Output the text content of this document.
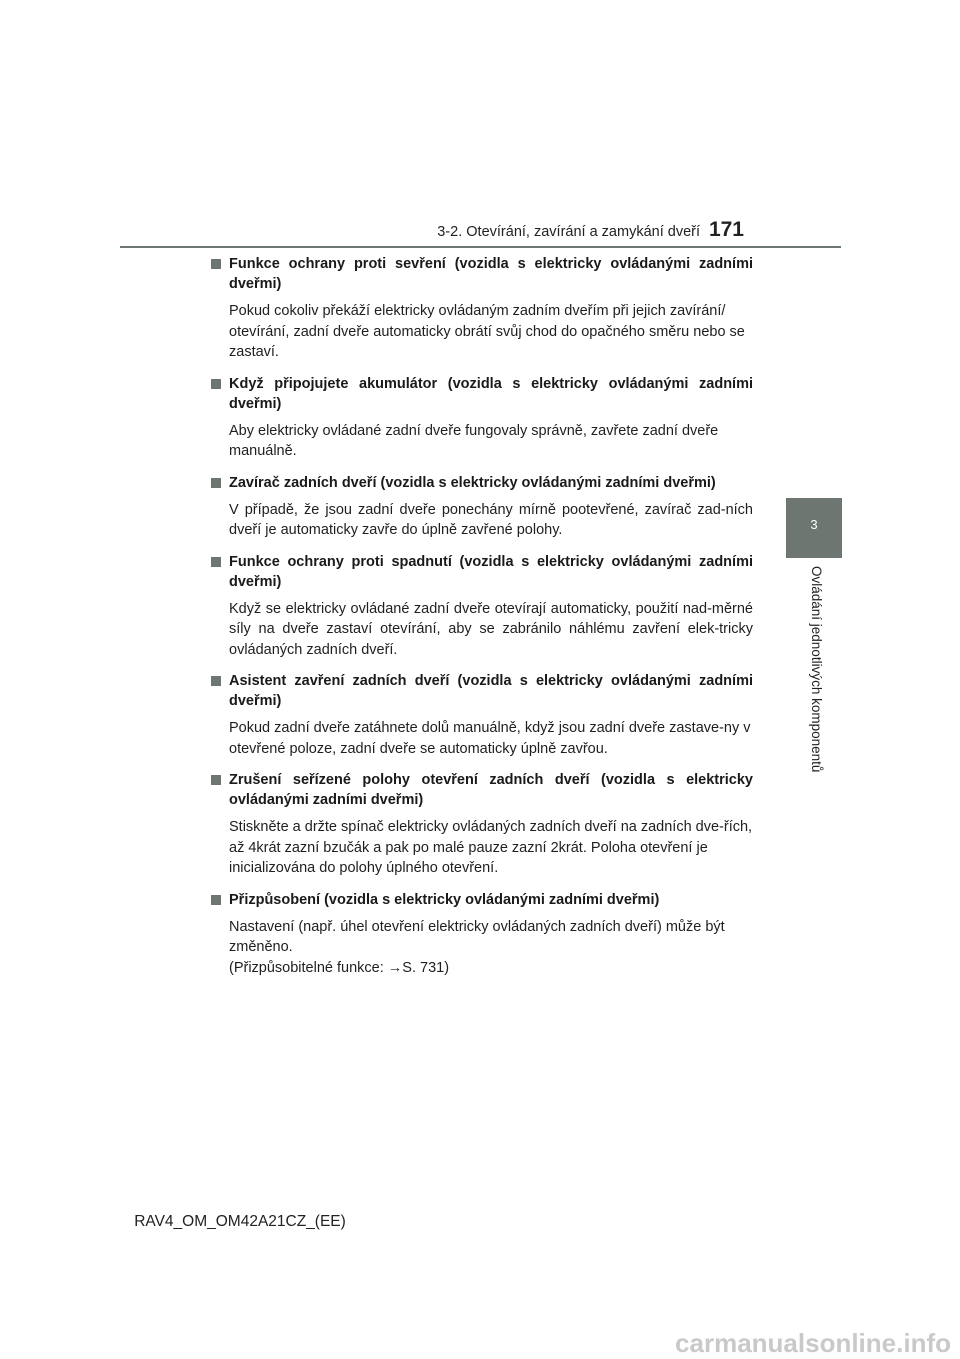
3-2. Otevírání, zavírání a zamykání dveří 171
3
Ovládání jednotlivých komponentů
Funkce ochrany proti sevření (vozidla s elektricky ovládanými zadními dveřmi)
Pokud cokoliv překáží elektricky ovládaným zadním dveřím při jejich zavírání/ otevírání, zadní dveře automaticky obrátí svůj chod do opačného směru nebo se zastaví.
Když připojujete akumulátor (vozidla s elektricky ovládanými zadními dveřmi)
Aby elektricky ovládané zadní dveře fungovaly správně, zavřete zadní dveře manuálně.
Zavírač zadních dveří (vozidla s elektricky ovládanými zadními dveřmi)
V případě, že jsou zadní dveře ponechány mírně pootevřené, zavírač zad-ních dveří je automaticky zavře do úplně zavřené polohy.
Funkce ochrany proti spadnutí (vozidla s elektricky ovládanými zadními dveřmi)
Když se elektricky ovládané zadní dveře otevírají automaticky, použití nad-měrné síly na dveře zastaví otevírání, aby se zabránilo náhlému zavření elek-tricky ovládaných zadních dveří.
Asistent zavření zadních dveří (vozidla s elektricky ovládanými zadními dveřmi)
Pokud zadní dveře zatáhnete dolů manuálně, když jsou zadní dveře zastave-ny v otevřené poloze, zadní dveře se automaticky úplně zavřou.
Zrušení seřízené polohy otevření zadních dveří (vozidla s elektricky ovládanými zadními dveřmi)
Stiskněte a držte spínač elektricky ovládaných zadních dveří na zadních dve-řích, až 4krát zazní bzučák a pak po malé pauze zazní 2krát. Poloha otevření je inicializována do polohy úplného otevření.
Přizpůsobení (vozidla s elektricky ovládanými zadními dveřmi)
Nastavení (např. úhel otevření elektricky ovládaných zadních dveří) může být změněno.
(Přizpůsobitelné funkce: →S. 731)
RAV4_OM_OM42A21CZ_(EE)
carmanualsonline.info
